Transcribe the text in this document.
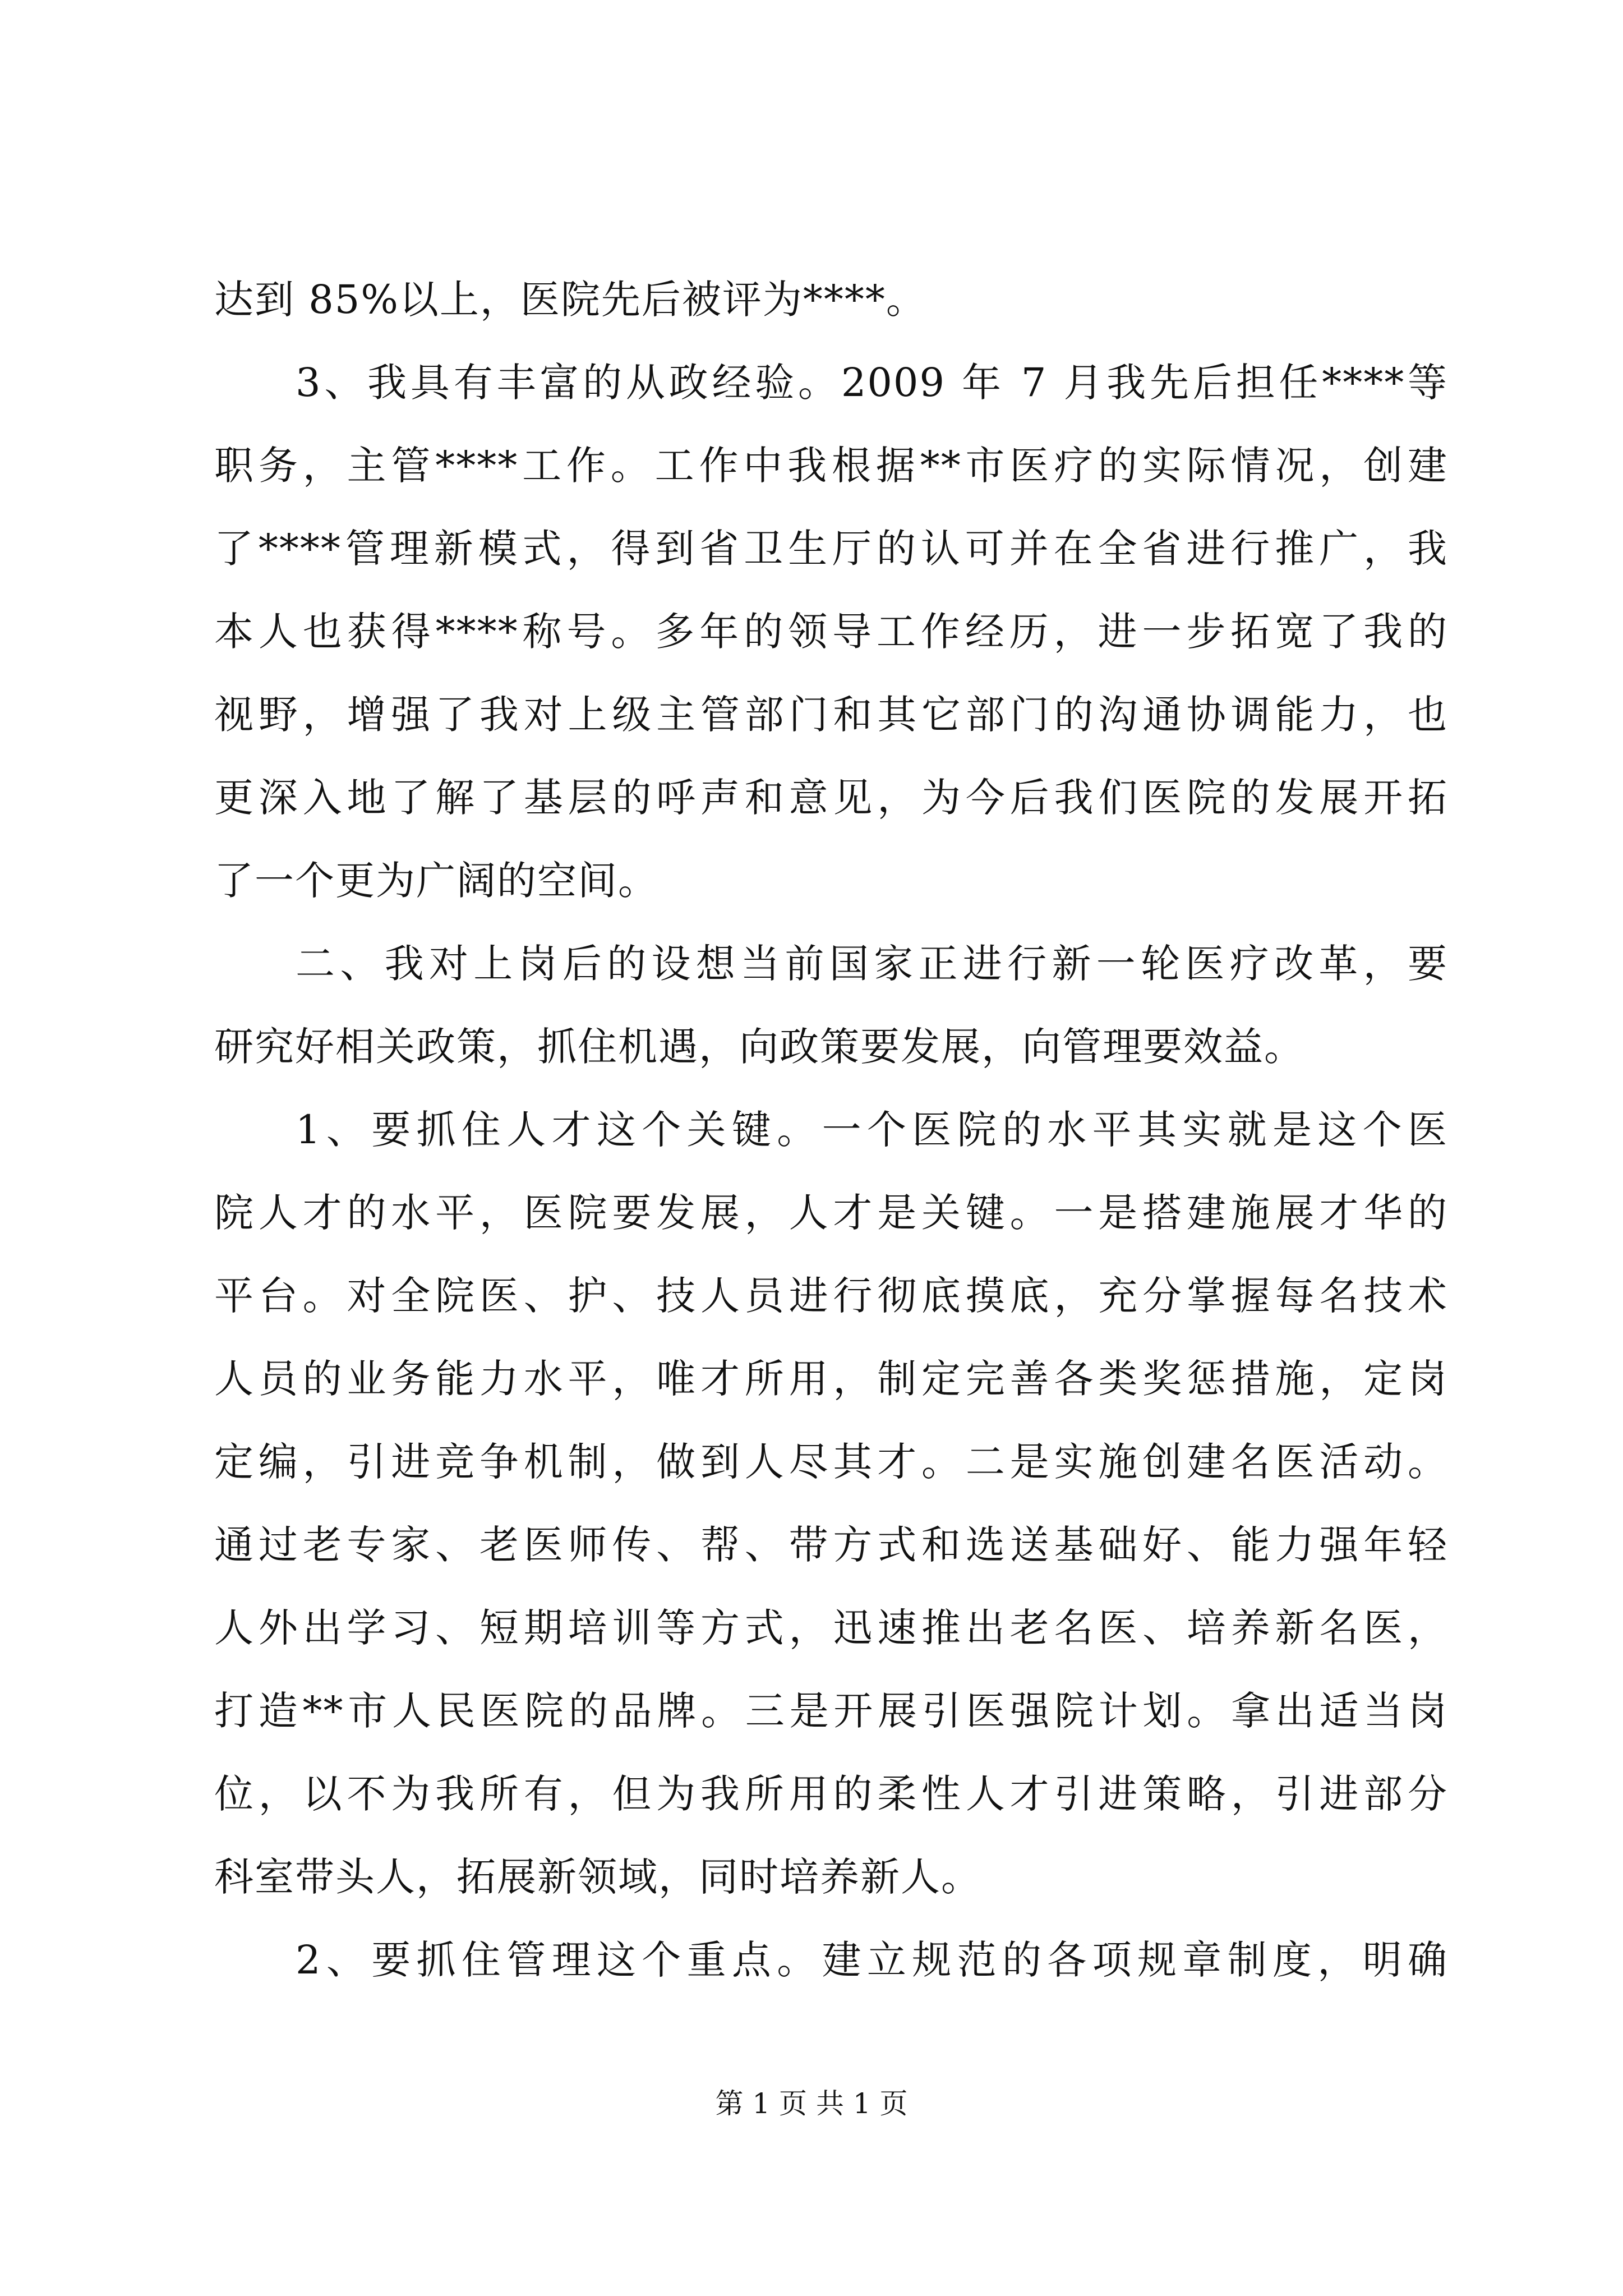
达到 85%以上，医院先后被评为****。
3、我具有丰富的从政经验。2009 年 7 月我先后担任****等
职务，主管****工作。工作中我根据**市医疗的实际情况，创建
了****管理新模式，得到省卫生厅的认可并在全省进行推广，我
本人也获得****称号。多年的领导工作经历，进一步拓宽了我的
视野，增强了我对上级主管部门和其它部门的沟通协调能力，也
更深入地了解了基层的呼声和意见，为今后我们医院的发展开拓
了一个更为广阔的空间。
二、我对上岗后的设想当前国家正进行新一轮医疗改革，要
研究好相关政策，抓住机遇，向政策要发展，向管理要效益。
1、要抓住人才这个关键。一个医院的水平其实就是这个医
院人才的水平，医院要发展，人才是关键。一是搭建施展才华的
平台。对全院医、护、技人员进行彻底摸底，充分掌握每名技术
人员的业务能力水平，唯才所用，制定完善各类奖惩措施，定岗
定编，引进竞争机制，做到人尽其才。二是实施创建名医活动。
通过老专家、老医师传、帮、带方式和选送基础好、能力强年轻
人外出学习、短期培训等方式，迅速推出老名医、培养新名医，
打造**市人民医院的品牌。三是开展引医强院计划。拿出适当岗
位，以不为我所有，但为我所用的柔性人才引进策略，引进部分
科室带头人，拓展新领域，同时培养新人。
2、要抓住管理这个重点。建立规范的各项规章制度，明确
第 1 页 共 1 页
